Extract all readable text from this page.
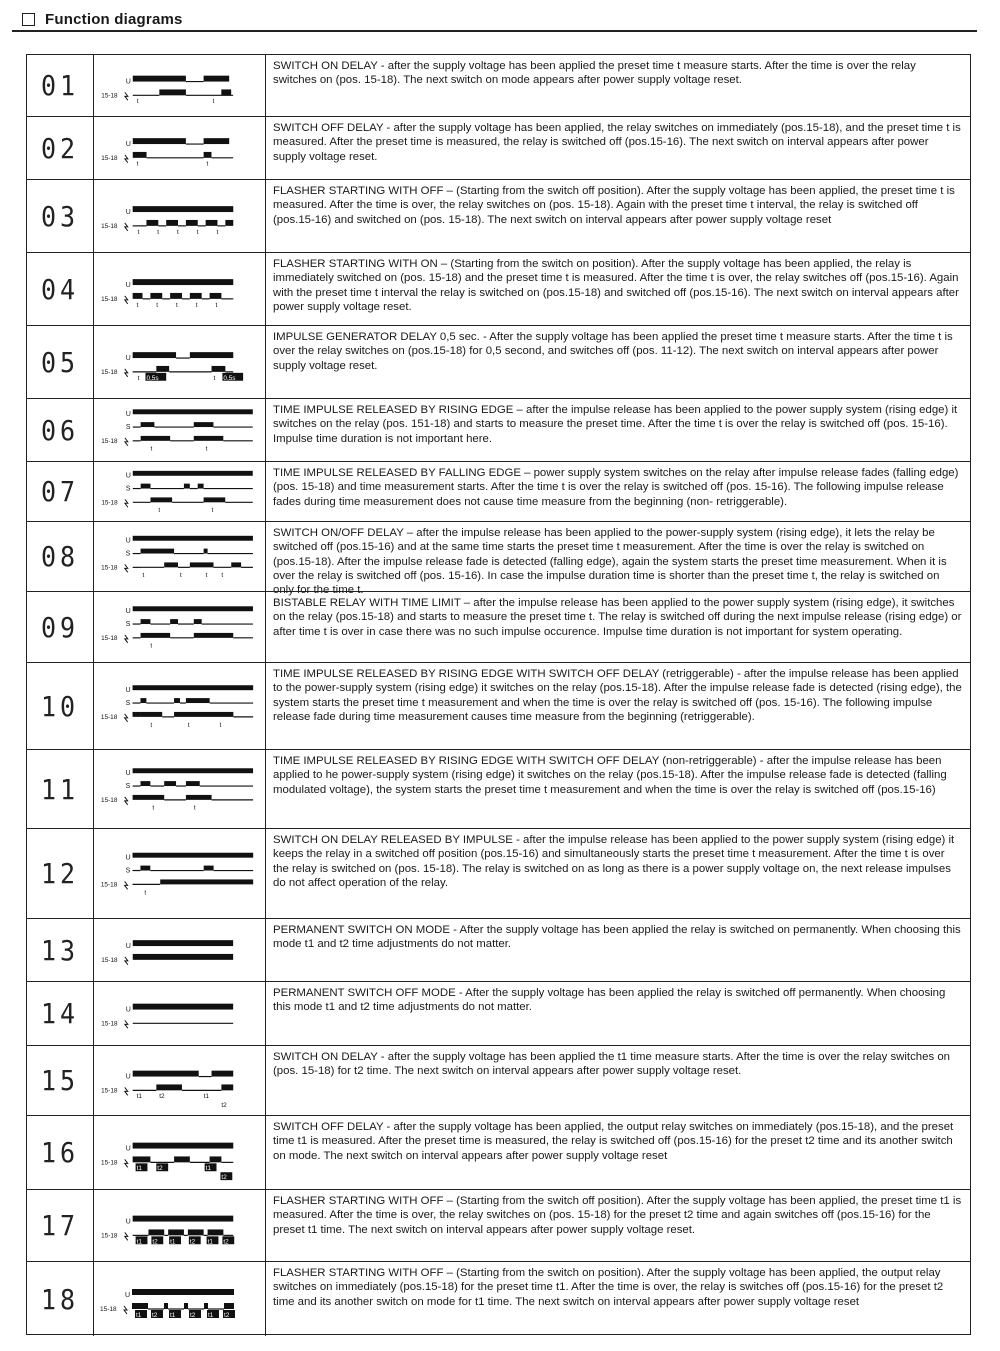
Function diagrams
01	U
15-18
t	t
SWITCH ON DELAY - after the supply voltage has been applied the preset time t measure starts. After the time is over the relay switches on (pos. 15-18). The next switch on mode appears after power supply voltage reset.
02	U
15-18
t	t
SWITCH OFF DELAY - after the supply voltage has been applied, the relay switches on immediately (pos.15-18), and the preset time t is measured. After the preset time is measured, the relay is switched off (pos.15-16). The next switch on interval appears after power supply voltage reset.
03	U
15-18
t	t	t	t	t
FLASHER STARTING WITH OFF – (Starting from the switch off position). After the supply voltage has been applied, the preset time t is measured. After the time is over, the relay switches on (pos. 15-18). Again with the preset time t interval, the relay is switched off (pos.15-16) and switched on (pos. 15-18). The next switch on interval appears after power supply voltage reset
04	U
15-18
t	t	t	t	t
FLASHER STARTING WITH ON – (Starting from the switch on position). After the supply voltage has been applied, the relay is immediately switched on (pos. 15-18) and the preset time t is measured. After the time t is over, the relay switches off (pos.15-16). Again with the preset time t interval the relay is switched on (pos.15-18) and switched off (pos.15-16). The next switch on interval appears after power supply voltage reset.
05	U
15-18
t	t
0,5s	0,5s
IMPULSE GENERATOR DELAY 0,5 sec. - After the supply voltage has been applied the preset time t measure starts. After the time t is over the relay switches on (pos.15-18) for 0,5 second, and switches off (pos. 11-12). The next switch on interval appears after power supply voltage reset.
06	U
S
15-18
t	t
TIME IMPULSE RELEASED BY RISING EDGE – after the impulse release has been applied to the power supply system (rising edge) it switches on the relay (pos. 151-18) and starts to measure the preset time. After the time t is over the relay is switched off (pos. 15-16). Impulse time duration is not important here.
07	U
S
15-18
t	t
TIME IMPULSE RELEASED BY FALLING EDGE – power supply system switches on the relay after impulse release fades (falling edge) (pos. 15-18) and time measurement starts. After the time t is over the relay is switched off (pos. 15-16). The following impulse release fades during time measurement does not cause time measure from the beginning (non- retriggerable).
08	U
S
15-18
t	t	t t
SWITCH ON/OFF DELAY – after the impulse release has been applied to the power-supply system (rising edge), it lets the relay be switched off (pos.15-16) and at the same time starts the preset time t measurement. After the time is over the relay is switched on (pos.15-18). After the impulse release fade is detected (falling edge), again the system starts the preset time measurement. When it is over the relay is switched off (pos. 15-16). In case the impulse duration time is shorter than the preset time t, the relay is switched on only for the time t.
09	U
S
15-18
t
BISTABLE RELAY WITH TIME LIMIT – after the impulse release has been applied to the power supply system (rising edge), it switches on the relay (pos.15-18) and starts to measure the preset time t. The relay is switched off during the next impulse release (rising edge) or after time t is over in case there was no such impulse occurence. Impulse time duration is not important for system operating.
10	U
S
15-18
t	t	t
TIME IMPULSE RELEASED BY RISING EDGE WITH SWITCH OFF DELAY (retriggerable) - after the impulse release has been applied to the power-supply system (rising edge) it switches on the relay (pos.15-18). After the impulse release fade is detected (rising edge), the system starts the preset time t measurement and when the time is over the relay is switched off (pos. 15-16). The following impulse release fade during time measurement causes time measure from the beginning (retriggerable).
11	U
S
15-18
t	t
TIME IMPULSE RELEASED BY RISING EDGE WITH SWITCH OFF DELAY (non-retriggerable) - after the impulse release has been applied to he power-supply system (rising edge) it switches on the relay (pos.15-18). After the impulse release fade is detected (falling modulated voltage), the system starts the preset time t measurement and when the time is over the relay is switched off (pos.15-16)
12	U
S
15-18
t
SWITCH ON DELAY RELEASED BY IMPULSE - after the impulse release has been applied to the power supply system (rising edge) it keeps the relay in a switched off position (pos.15-16) and simultaneously starts the preset time t measurement. After the time t is over the relay is switched on (pos. 15-18). The relay is switched on as long as there is a power supply voltage on, the next release impulses do not affect operation of the relay.
13	U
15-18
PERMANENT SWITCH ON MODE - After the supply voltage has been applied the relay is switched on permanently. When choosing this mode t1 and t2 time adjustments do not matter.
14	U
15-18
PERMANENT SWITCH OFF MODE - After the supply voltage has been applied the relay is switched off permanently. When choosing this mode t1 and t2 time adjustments do not matter.
15	U
15-18
t1	t2	t1
t2
SWITCH ON DELAY - after the supply voltage has been applied the t1 time measure starts. After the time is over the relay switches on (pos. 15-18) for t2 time. The next switch on interval appears after power supply voltage reset.
16	U
15-18
t1 t2	t1
t2
SWITCH OFF DELAY - after the supply voltage has been applied, the output relay switches on immediately (pos.15-18), and the preset time t1 is measured. After the preset time is measured, the relay is switched off (pos.15-16) for the preset t2 time and its another switch on mode. The next switch on interval appears after power supply voltage reset
17	U
15-18
t1 t2 t1 t2 t1 t2
FLASHER STARTING WITH OFF – (Starting from the switch off position). After the supply voltage has been applied, the preset time t1 is measured. After the time is over, the relay switches on (pos. 15-18) for the preset t2 time and again switches off (pos.15-16) for the preset t1 time. The next switch on interval appears after power supply voltage reset.
18	U
15-18
t1 t2 t1 t2 t1 t2
FLASHER STARTING WITH OFF – (Starting from the switch on position). After the supply voltage has been applied, the output relay switches on immediately (pos.15-18) for the preset time t1. After the time is over, the relay is switches off (pos.15-16) for the preset t2 time and its another switch on mode for t1 time. The next switch on interval appears after power supply voltage reset
